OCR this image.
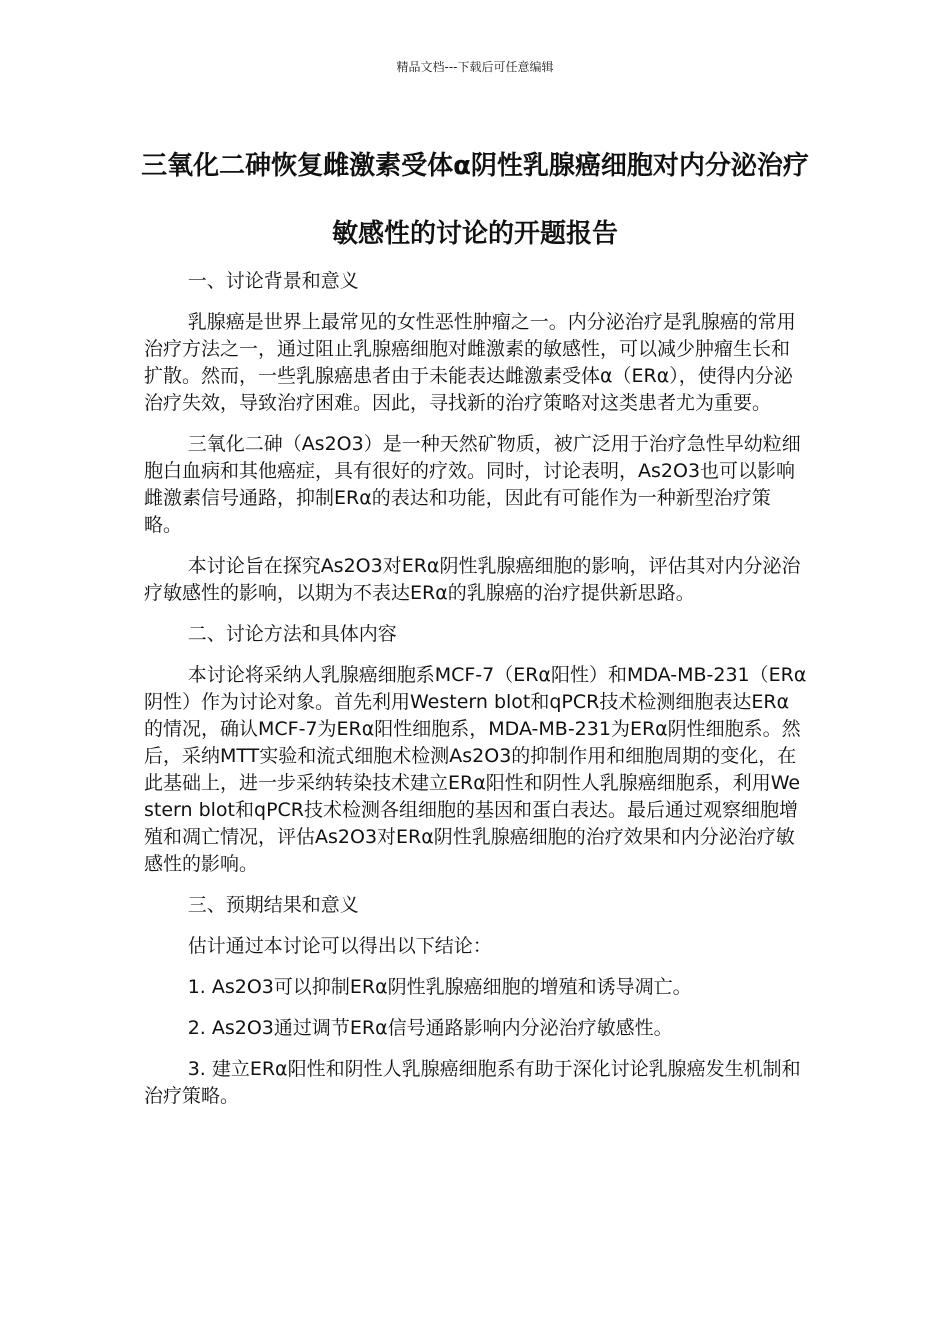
精品文档---下载后可任意编辑
三氧化二砷恢复雌激素受体α阴性乳腺癌细胞对内分泌治疗敏感性的讨论的开题报告

一、讨论背景和意义

乳腺癌是世界上最常见的女性恶性肿瘤之一。内分泌治疗是乳腺癌的常用治疗方法之一，通过阻止乳腺癌细胞对雌激素的敏感性，可以减少肿瘤生长和扩散。然而，一些乳腺癌患者由于未能表达雌激素受体α（ERα），使得内分泌治疗失效，导致治疗困难。因此，寻找新的治疗策略对这类患者尤为重要。

三氧化二砷（As2O3）是一种天然矿物质，被广泛用于治疗急性早幼粒细胞白血病和其他癌症，具有很好的疗效。同时，讨论表明，As2O3也可以影响雌激素信号通路，抑制ERα的表达和功能，因此有可能作为一种新型治疗策略。

本讨论旨在探究As2O3对ERα阴性乳腺癌细胞的影响，评估其对内分泌治疗敏感性的影响，以期为不表达ERα的乳腺癌的治疗提供新思路。

二、讨论方法和具体内容

本讨论将采纳人乳腺癌细胞系MCF-7（ERα阳性）和MDA-MB-231（ERα阴性）作为讨论对象。首先利用Western blot和qPCR技术检测细胞表达ERα的情况，确认MCF-7为ERα阳性细胞系，MDA-MB-231为ERα阴性细胞系。然后，采纳MTT实验和流式细胞术检测As2O3的抑制作用和细胞周期的变化，在此基础上，进一步采纳转染技术建立ERα阳性和阴性人乳腺癌细胞系，利用Western blot和qPCR技术检测各组细胞的基因和蛋白表达。最后通过观察细胞增殖和凋亡情况，评估As2O3对ERα阴性乳腺癌细胞的治疗效果和内分泌治疗敏感性的影响。

三、预期结果和意义

估计通过本讨论可以得出以下结论：

1. As2O3可以抑制ERα阴性乳腺癌细胞的增殖和诱导凋亡。

2. As2O3通过调节ERα信号通路影响内分泌治疗敏感性。

3. 建立ERα阳性和阴性人乳腺癌细胞系有助于深化讨论乳腺癌发生机制和治疗策略。
